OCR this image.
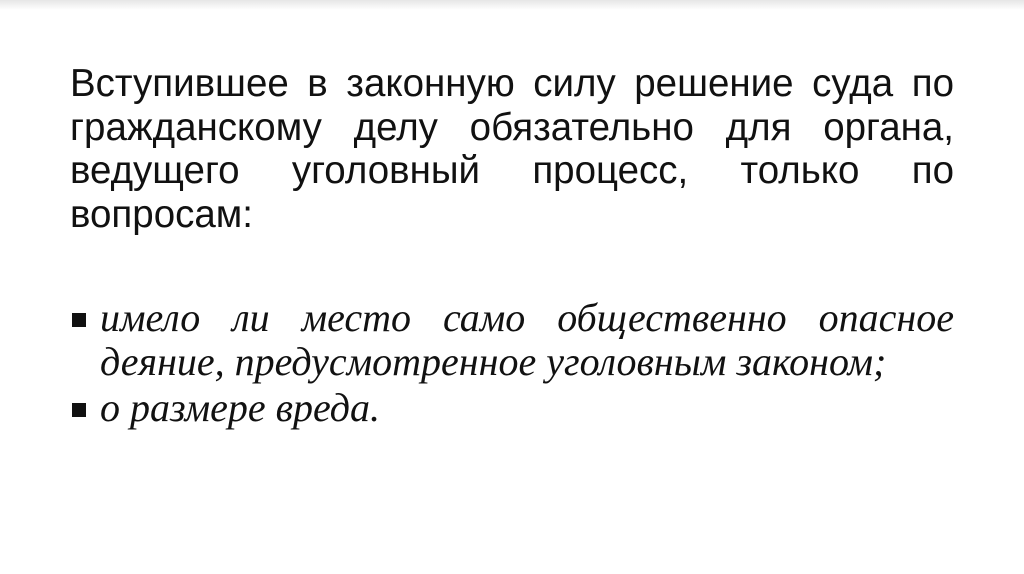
Вступившее в законную силу решение суда по гражданскому делу обязательно для органа, ведущего уголовный процесс, только по вопросам:

имело ли место само общественно опасное деяние, предусмотренное уголовным законом;
о размере вреда.
